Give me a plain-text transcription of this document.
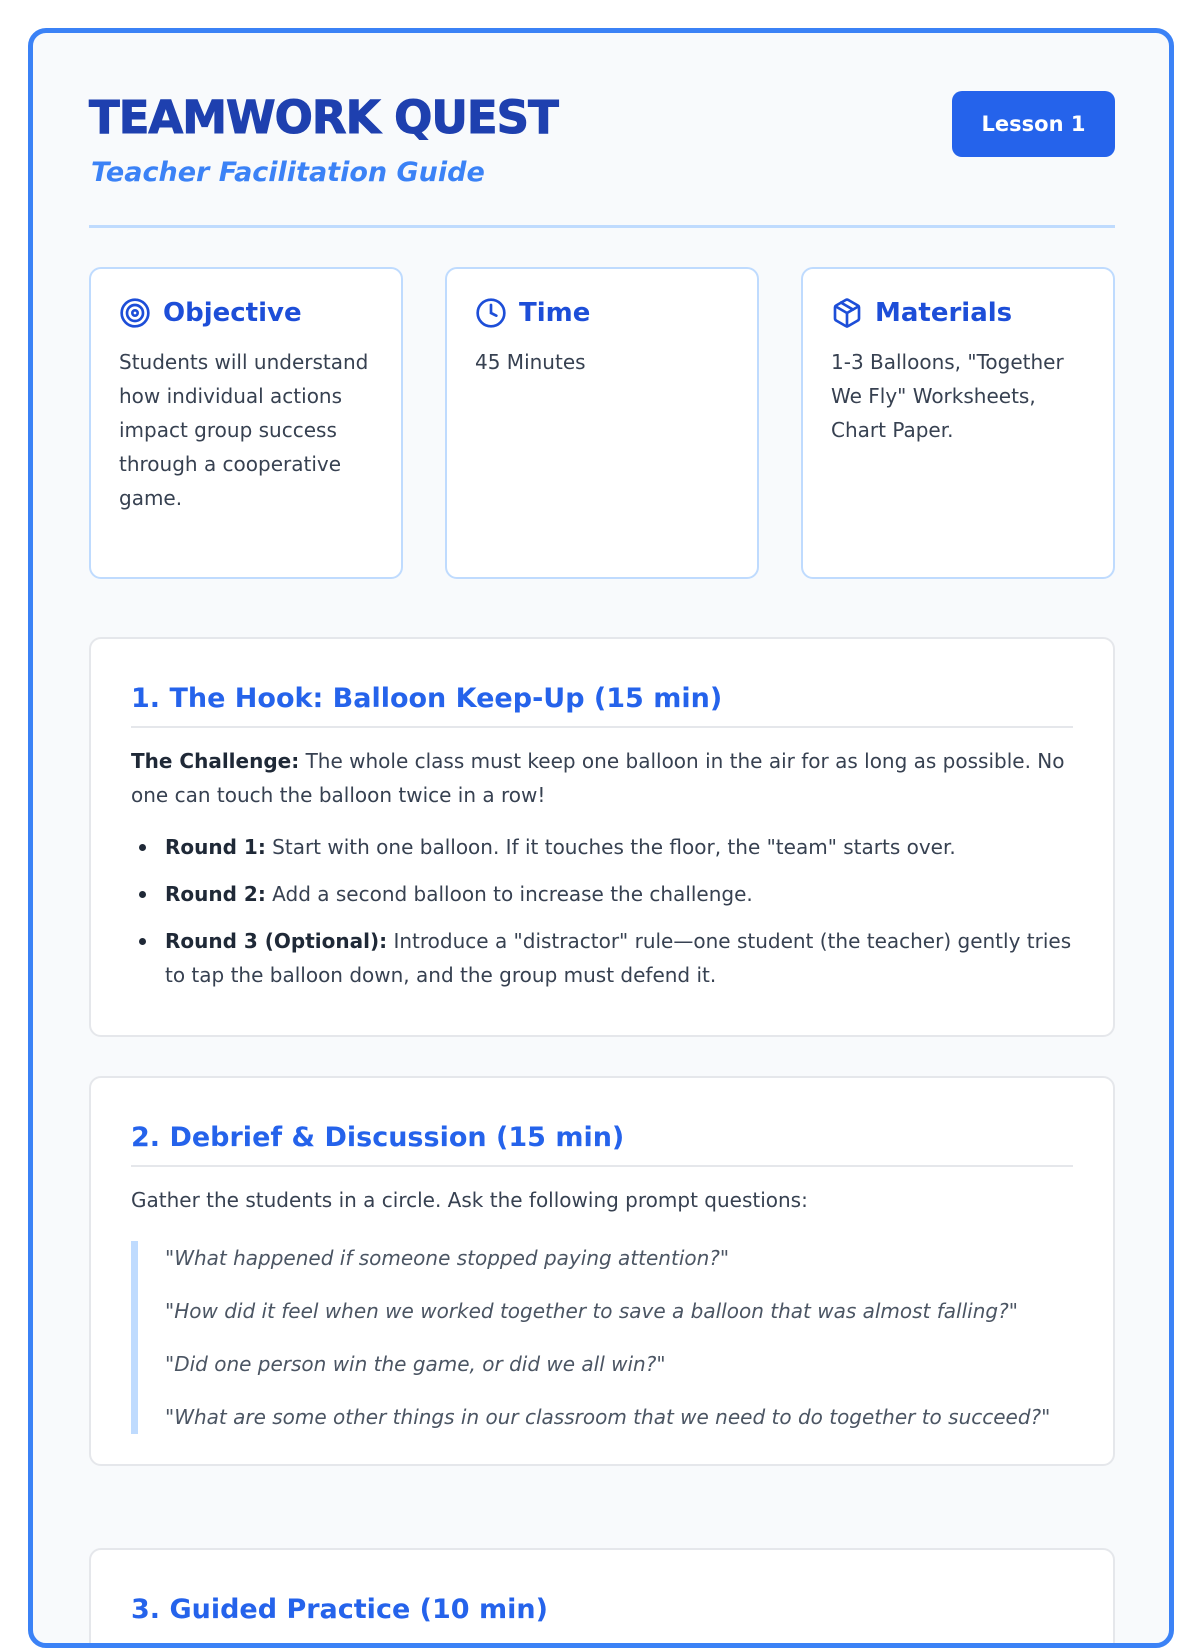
TEAMWORK QUEST
Teacher Facilitation Guide
Lesson 1
Objective
Students will understand how individual actions impact group success through a cooperative game.
Time
45 Minutes
Materials
1-3 Balloons, "Together We Fly" Worksheets, Chart Paper.
1. The Hook: Balloon Keep-Up (15 min)

The Challenge: The whole class must keep one balloon in the air for as long as possible. No one can touch the balloon twice in a row!

Round 1: Start with one balloon. If it touches the floor, the "team" starts over.
Round 2: Add a second balloon to increase the challenge.
Round 3 (Optional): Introduce a "distractor" rule—one student (the teacher) gently tries to tap the balloon down, and the group must defend it.
2. Debrief & Discussion (15 min)

Gather the students in a circle. Ask the following prompt questions:

"What happened if someone stopped paying attention?"

"How did it feel when we worked together to save a balloon that was almost falling?"

"Did one person win the game, or did we all win?"

"What are some other things in our classroom that we need to do together to succeed?"

3. Guided Practice (10 min)
